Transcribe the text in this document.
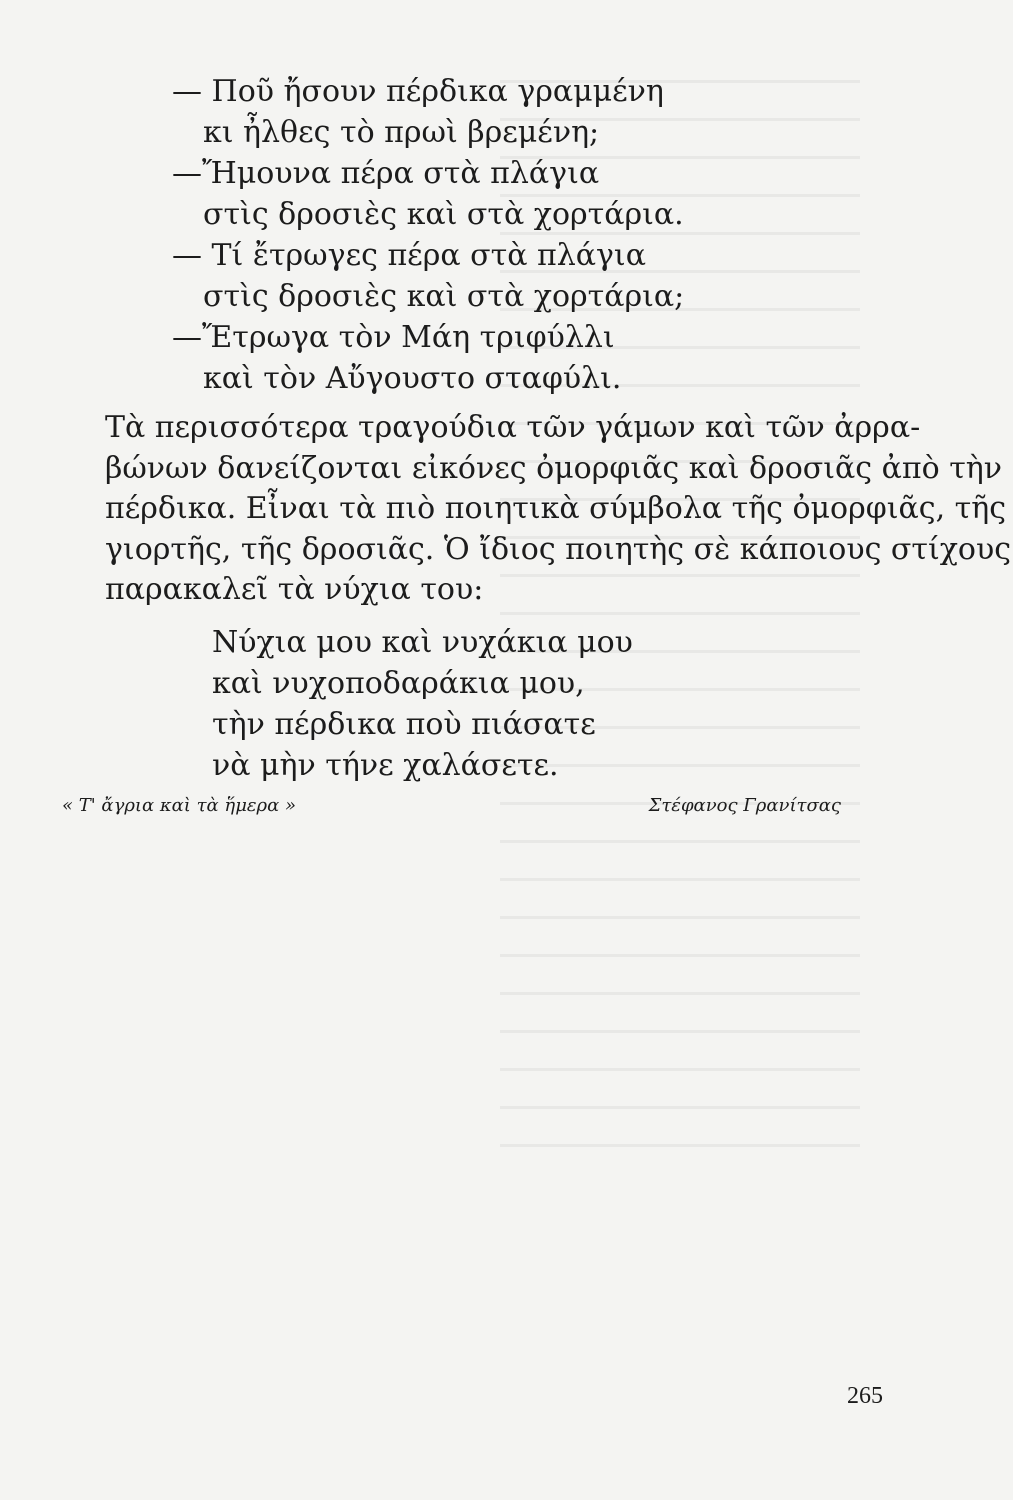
— Ποῦ ἤσουν πέρδικα γραμμένη
κι ἦλθες τὸ πρωὶ βρεμένη;
—Ἤμουνα πέρα στὰ πλάγια
στὶς δροσιὲς καὶ στὰ χορτάρια.
— Τί ἔτρωγες πέρα στὰ πλάγια
στὶς δροσιὲς καὶ στὰ χορτάρια;
—Ἔτρωγα τὸν Μάη τριφύλλι
καὶ τὸν Αὔγουστο σταφύλι.
Τὰ περισσότερα τραγούδια τῶν γάμων καὶ τῶν ἀρρα-
βώνων δανείζονται εἰκόνες ὀμορφιᾶς καὶ δροσιᾶς ἀπὸ τὴν
πέρδικα. Εἶναι τὰ πιὸ ποιητικὰ σύμβολα τῆς ὀμορφιᾶς, τῆς
γιορτῆς, τῆς δροσιᾶς. Ὁ ἴδιος ποιητὴς σὲ κάποιους στίχους
παρακαλεῖ τὰ νύχια του:
Νύχια μου καὶ νυχάκια μου
καὶ νυχοποδαράκια μου,
τὴν πέρδικα ποὺ πιάσατε
νὰ μὴν τήνε χαλάσετε.
« Τ' ἄγρια καὶ τὰ ἥμερα »	Στέφανος Γρανίτσας
265
